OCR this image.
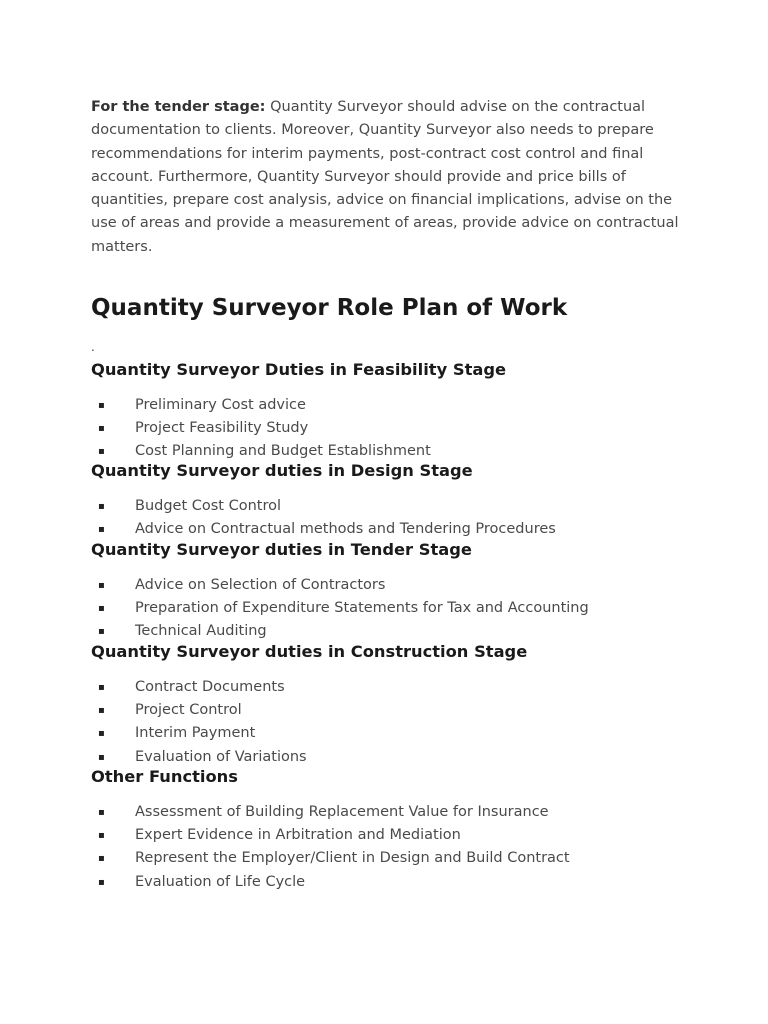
For the tender stage: Quantity Surveyor should advise on the contractual documentation to clients. Moreover, Quantity Surveyor also needs to prepare recommendations for interim payments, post-contract cost control and final account. Furthermore, Quantity Surveyor should provide and price bills of quantities, prepare cost analysis, advice on financial implications, advise on the use of areas and provide a measurement of areas, provide advice on contractual matters.

Quantity Surveyor Role Plan of Work
.
Quantity Surveyor Duties in Feasibility Stage
▪ Preliminary Cost advice
▪ Project Feasibility Study
▪ Cost Planning and Budget Establishment
Quantity Surveyor duties in Design Stage
▪ Budget Cost Control
▪ Advice on Contractual methods and Tendering Procedures
Quantity Surveyor duties in Tender Stage
▪ Advice on Selection of Contractors
▪ Preparation of Expenditure Statements for Tax and Accounting
▪ Technical Auditing
Quantity Surveyor duties in Construction Stage
▪ Contract Documents
▪ Project Control
▪ Interim Payment
▪ Evaluation of Variations
Other Functions
▪ Assessment of Building Replacement Value for Insurance
▪ Expert Evidence in Arbitration and Mediation
▪ Represent the Employer/Client in Design and Build Contract
▪ Evaluation of Life Cycle
